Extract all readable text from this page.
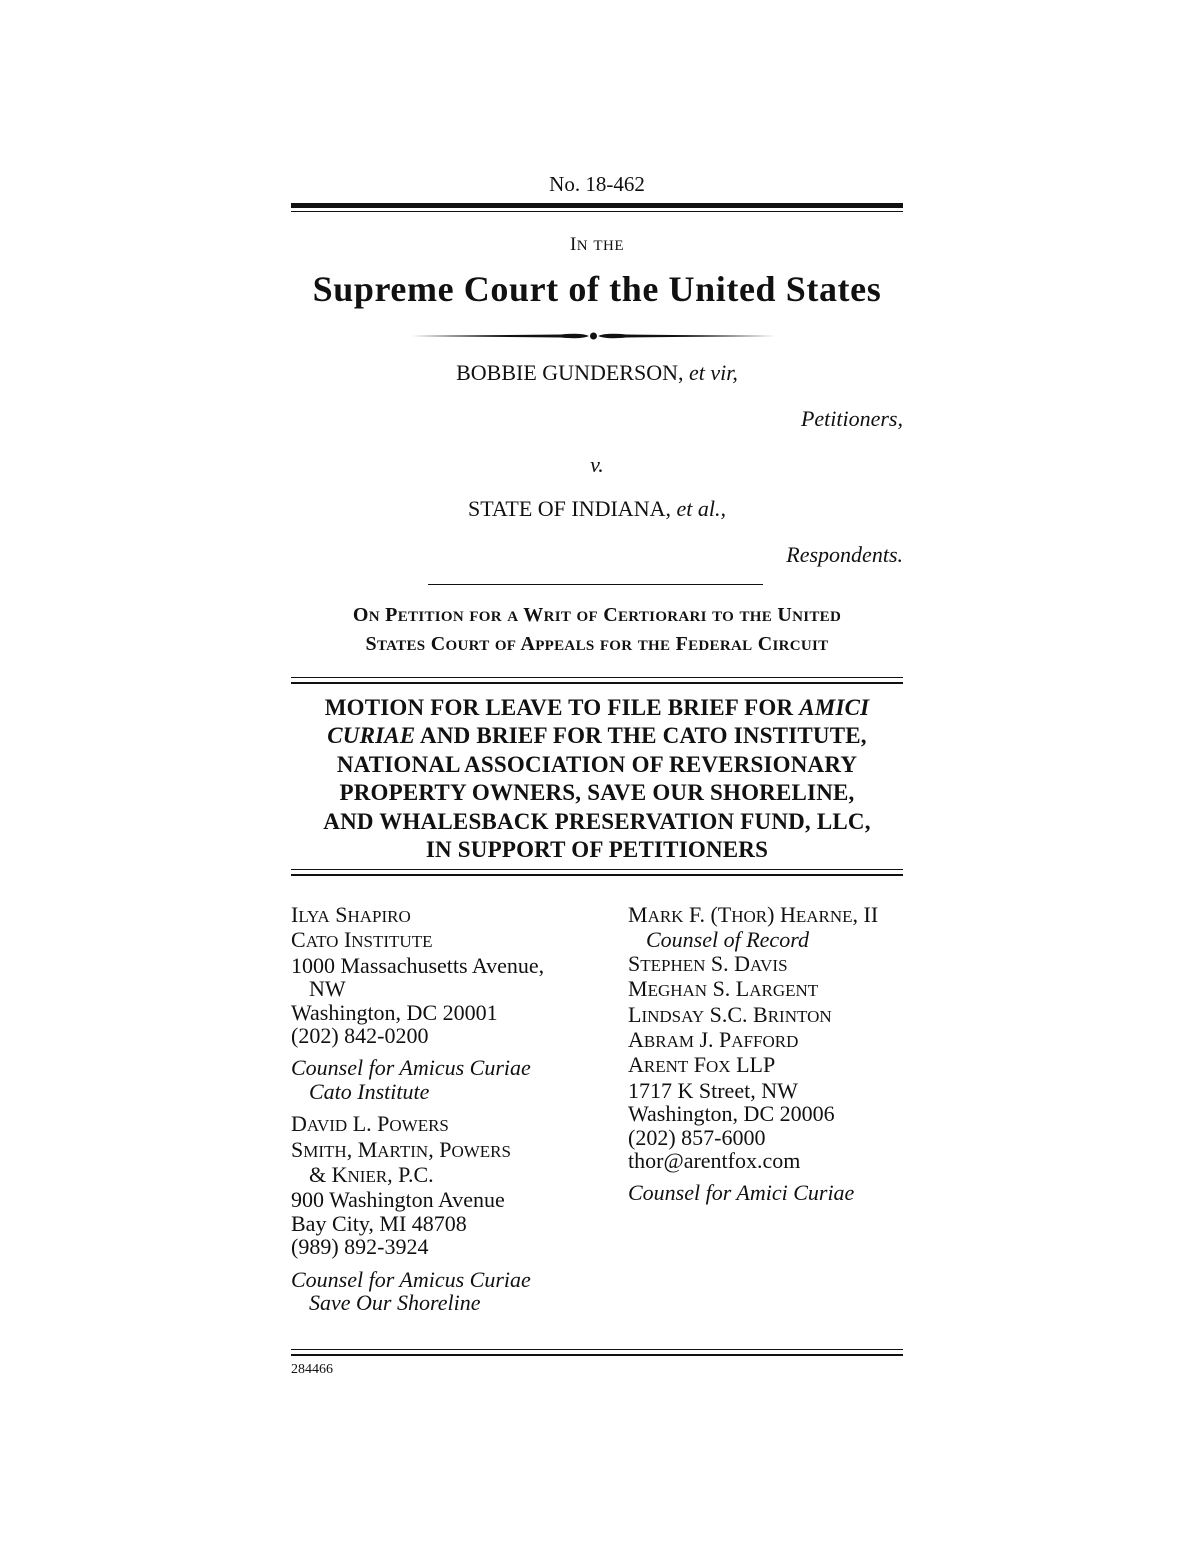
No. 18-462
IN THE
Supreme Court of the United States
BOBBIE GUNDERSON, et vir,
Petitioners,
v.
STATE OF INDIANA, et al.,
Respondents.
ON PETITION FOR A WRIT OF CERTIORARI TO THE UNITED
STATES COURT OF APPEALS FOR THE FEDERAL CIRCUIT
MOTION FOR LEAVE TO FILE BRIEF FOR AMICI
CURIAE AND BRIEF FOR THE CATO INSTITUTE,
NATIONAL ASSOCIATION OF REVERSIONARY
PROPERTY OWNERS, SAVE OUR SHORELINE,
AND WHALESBACK PRESERVATION FUND, LLC,
IN SUPPORT OF PETITIONERS
ILYA SHAPIRO
CATO INSTITUTE
1000 Massachusetts Avenue,
NW
Washington, DC 20001
(202) 842-0200
Counsel for Amicus Curiae
Cato Institute
DAVID L. POWERS
SMITH, MARTIN, POWERS
& KNIER, P.C.
900 Washington Avenue
Bay City, MI 48708
(989) 892-3924
Counsel for Amicus Curiae
Save Our Shoreline
MARK F. (THOR) HEARNE, II
Counsel of Record
STEPHEN S. DAVIS
MEGHAN S. LARGENT
LINDSAY S.C. BRINTON
ABRAM J. PAFFORD
ARENT FOX LLP
1717 K Street, NW
Washington, DC 20006
(202) 857-6000
thor@arentfox.com
Counsel for Amici Curiae
284466
